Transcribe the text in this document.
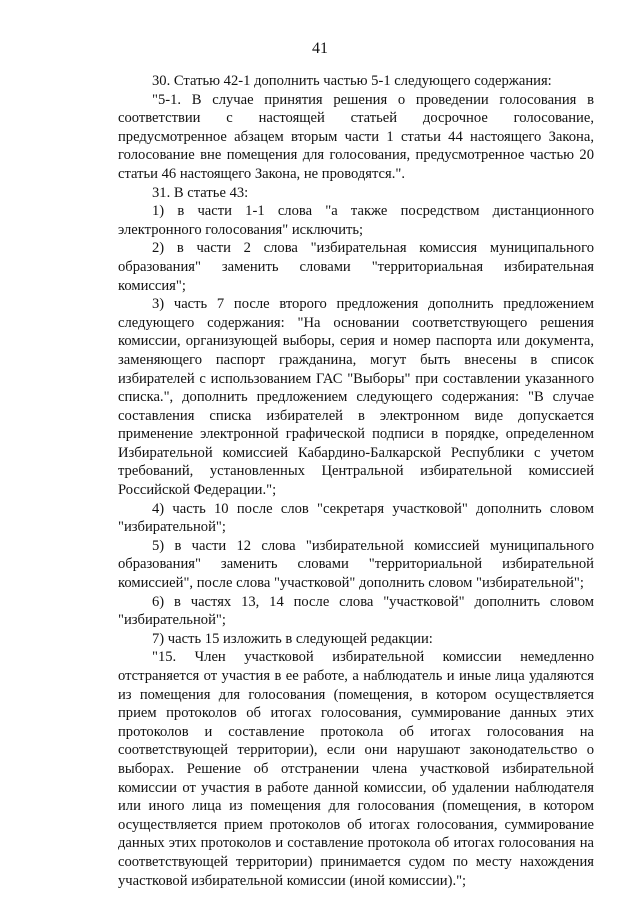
41

30. Статью 42-1 дополнить частью 5-1 следующего содержания:

"5-1. В случае принятия решения о проведении голосования в соответствии с настоящей статьей досрочное голосование, предусмотренное абзацем вторым части 1 статьи 44 настоящего Закона, голосование вне помещения для голосования, предусмотренное частью 20 статьи 46 настоящего Закона, не проводятся.".

31. В статье 43:

1) в части 1-1 слова "а также посредством дистанционного электронного голосования" исключить;

2) в части 2 слова "избирательная комиссия муниципального образования" заменить словами "территориальная избирательная комиссия";

3) часть 7 после второго предложения дополнить предложением следующего содержания: "На основании соответствующего решения комиссии, организующей выборы, серия и номер паспорта или документа, заменяющего паспорт гражданина, могут быть внесены в список избирателей с использованием ГАС "Выборы" при составлении указанного списка.", дополнить предложением следующего содержания: "В случае составления списка избирателей в электронном виде допускается применение электронной графической подписи в порядке, определенном Избирательной комиссией Кабардино-Балкарской Республики с учетом требований, установленных Центральной избирательной комиссией Российской Федерации.";

4) часть 10 после слов "секретаря участковой" дополнить словом "избирательной";

5) в части 12 слова "избирательной комиссией муниципального образования" заменить словами "территориальной избирательной комиссией", после слова "участковой" дополнить словом "избирательной";

6) в частях 13, 14 после слова "участковой" дополнить словом "избирательной";

7) часть 15 изложить в следующей редакции:

"15. Член участковой избирательной комиссии немедленно отстраняется от участия в ее работе, а наблюдатель и иные лица удаляются из помещения для голосования (помещения, в котором осуществляется прием протоколов об итогах голосования, суммирование данных этих протоколов и составление протокола об итогах голосования на соответствующей территории), если они нарушают законодательство о выборах. Решение об отстранении члена участковой избирательной комиссии от участия в работе данной комиссии, об удалении наблюдателя или иного лица из помещения для голосования (помещения, в котором осуществляется прием протоколов об итогах голосования, суммирование данных этих протоколов и составление протокола об итогах голосования на соответствующей территории) принимается судом по месту нахождения участковой избирательной комиссии (иной комиссии).";
